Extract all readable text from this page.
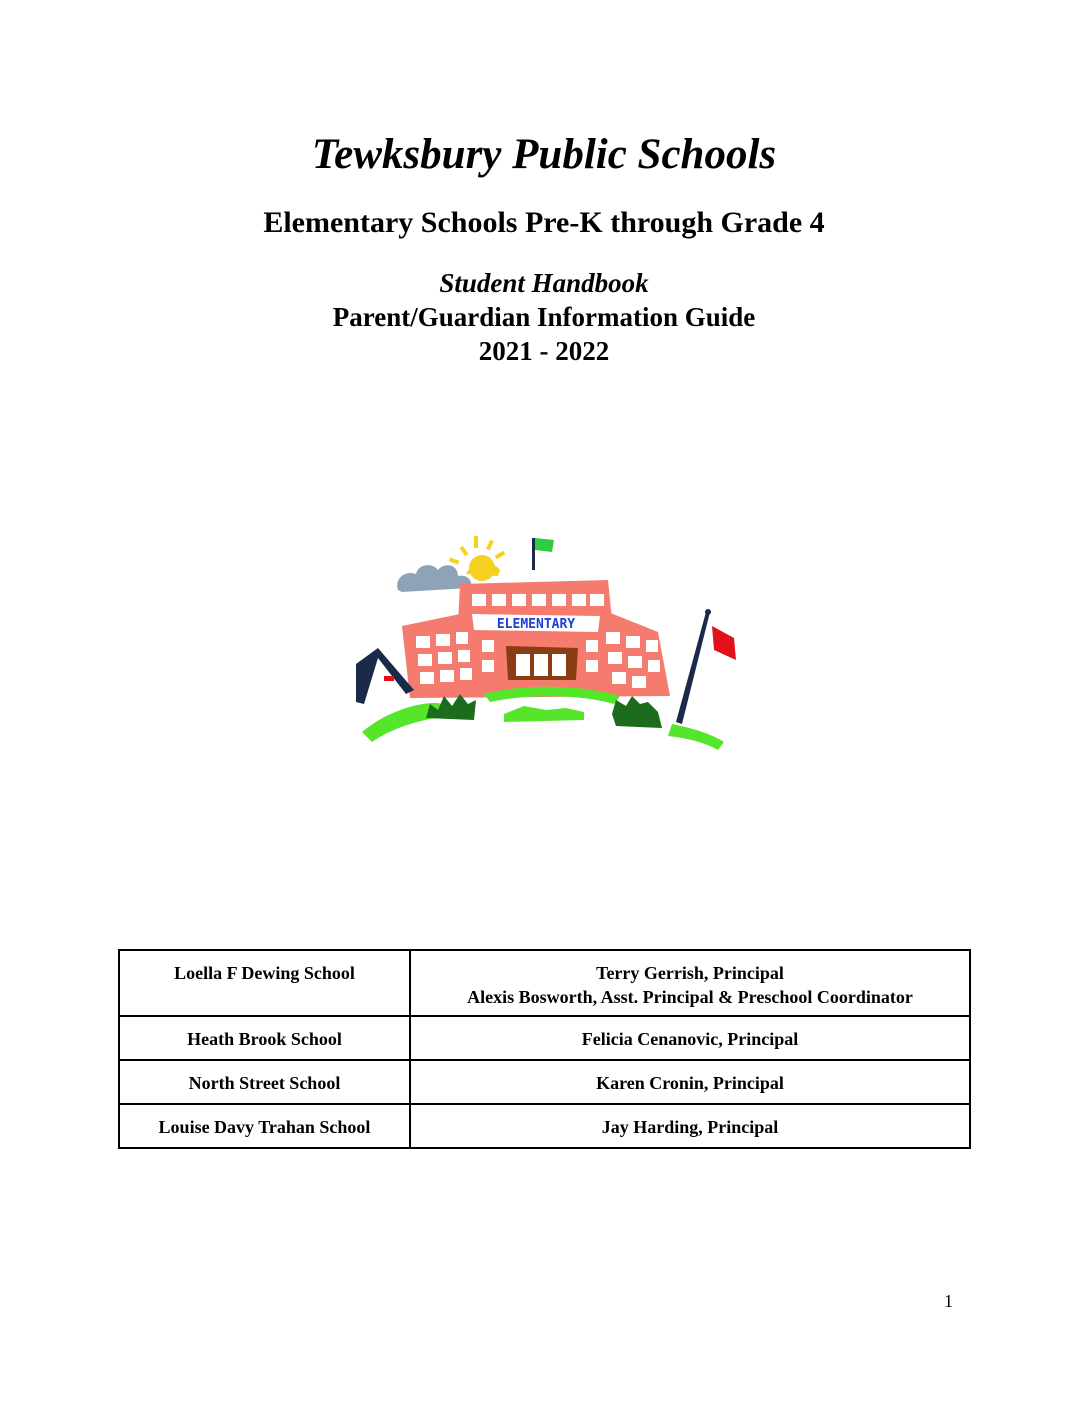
Tewksbury Public Schools
Elementary Schools Pre-K through Grade 4
Student Handbook
Parent/Guardian Information Guide
2021 - 2022
ELEMENTARY
Loella F Dewing School	Terry Gerrish, Principal
Alexis Bosworth, Asst. Principal & Preschool Coordinator

Heath Brook School	Felicia Cenanovic, Principal

North Street School	Karen Cronin, Principal

Louise Davy Trahan School	Jay Harding, Principal
1
